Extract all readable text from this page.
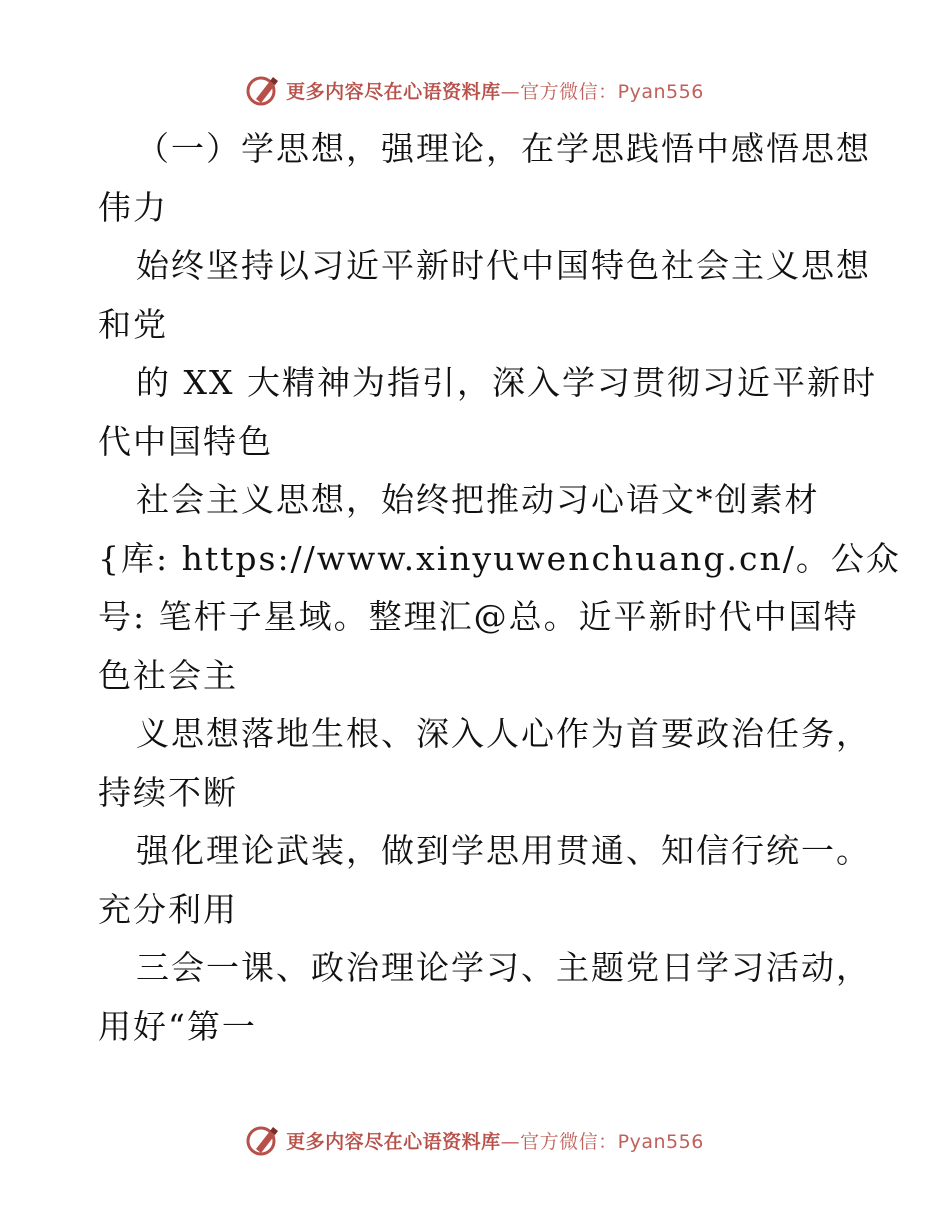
更多内容尽在心语资料库—官方微信：Pyan556
（一）学思想，强理论，在学思践悟中感悟思想
伟力
始终坚持以习近平新时代中国特色社会主义思想
和党
的 XX 大精神为指引，深入学习贯彻习近平新时
代中国特色
社会主义思想，始终把推动习心语文*创素材
{库: https://www.xinyuwenchuang.cn/。公众
号: 笔杆子星域。整理汇@总。近平新时代中国特
色社会主
义思想落地生根、深入人心作为首要政治任务，
持续不断
强化理论武装，做到学思用贯通、知信行统一。
充分利用
三会一课、政治理论学习、主题党日学习活动，
用好“第一
更多内容尽在心语资料库—官方微信：Pyan556
